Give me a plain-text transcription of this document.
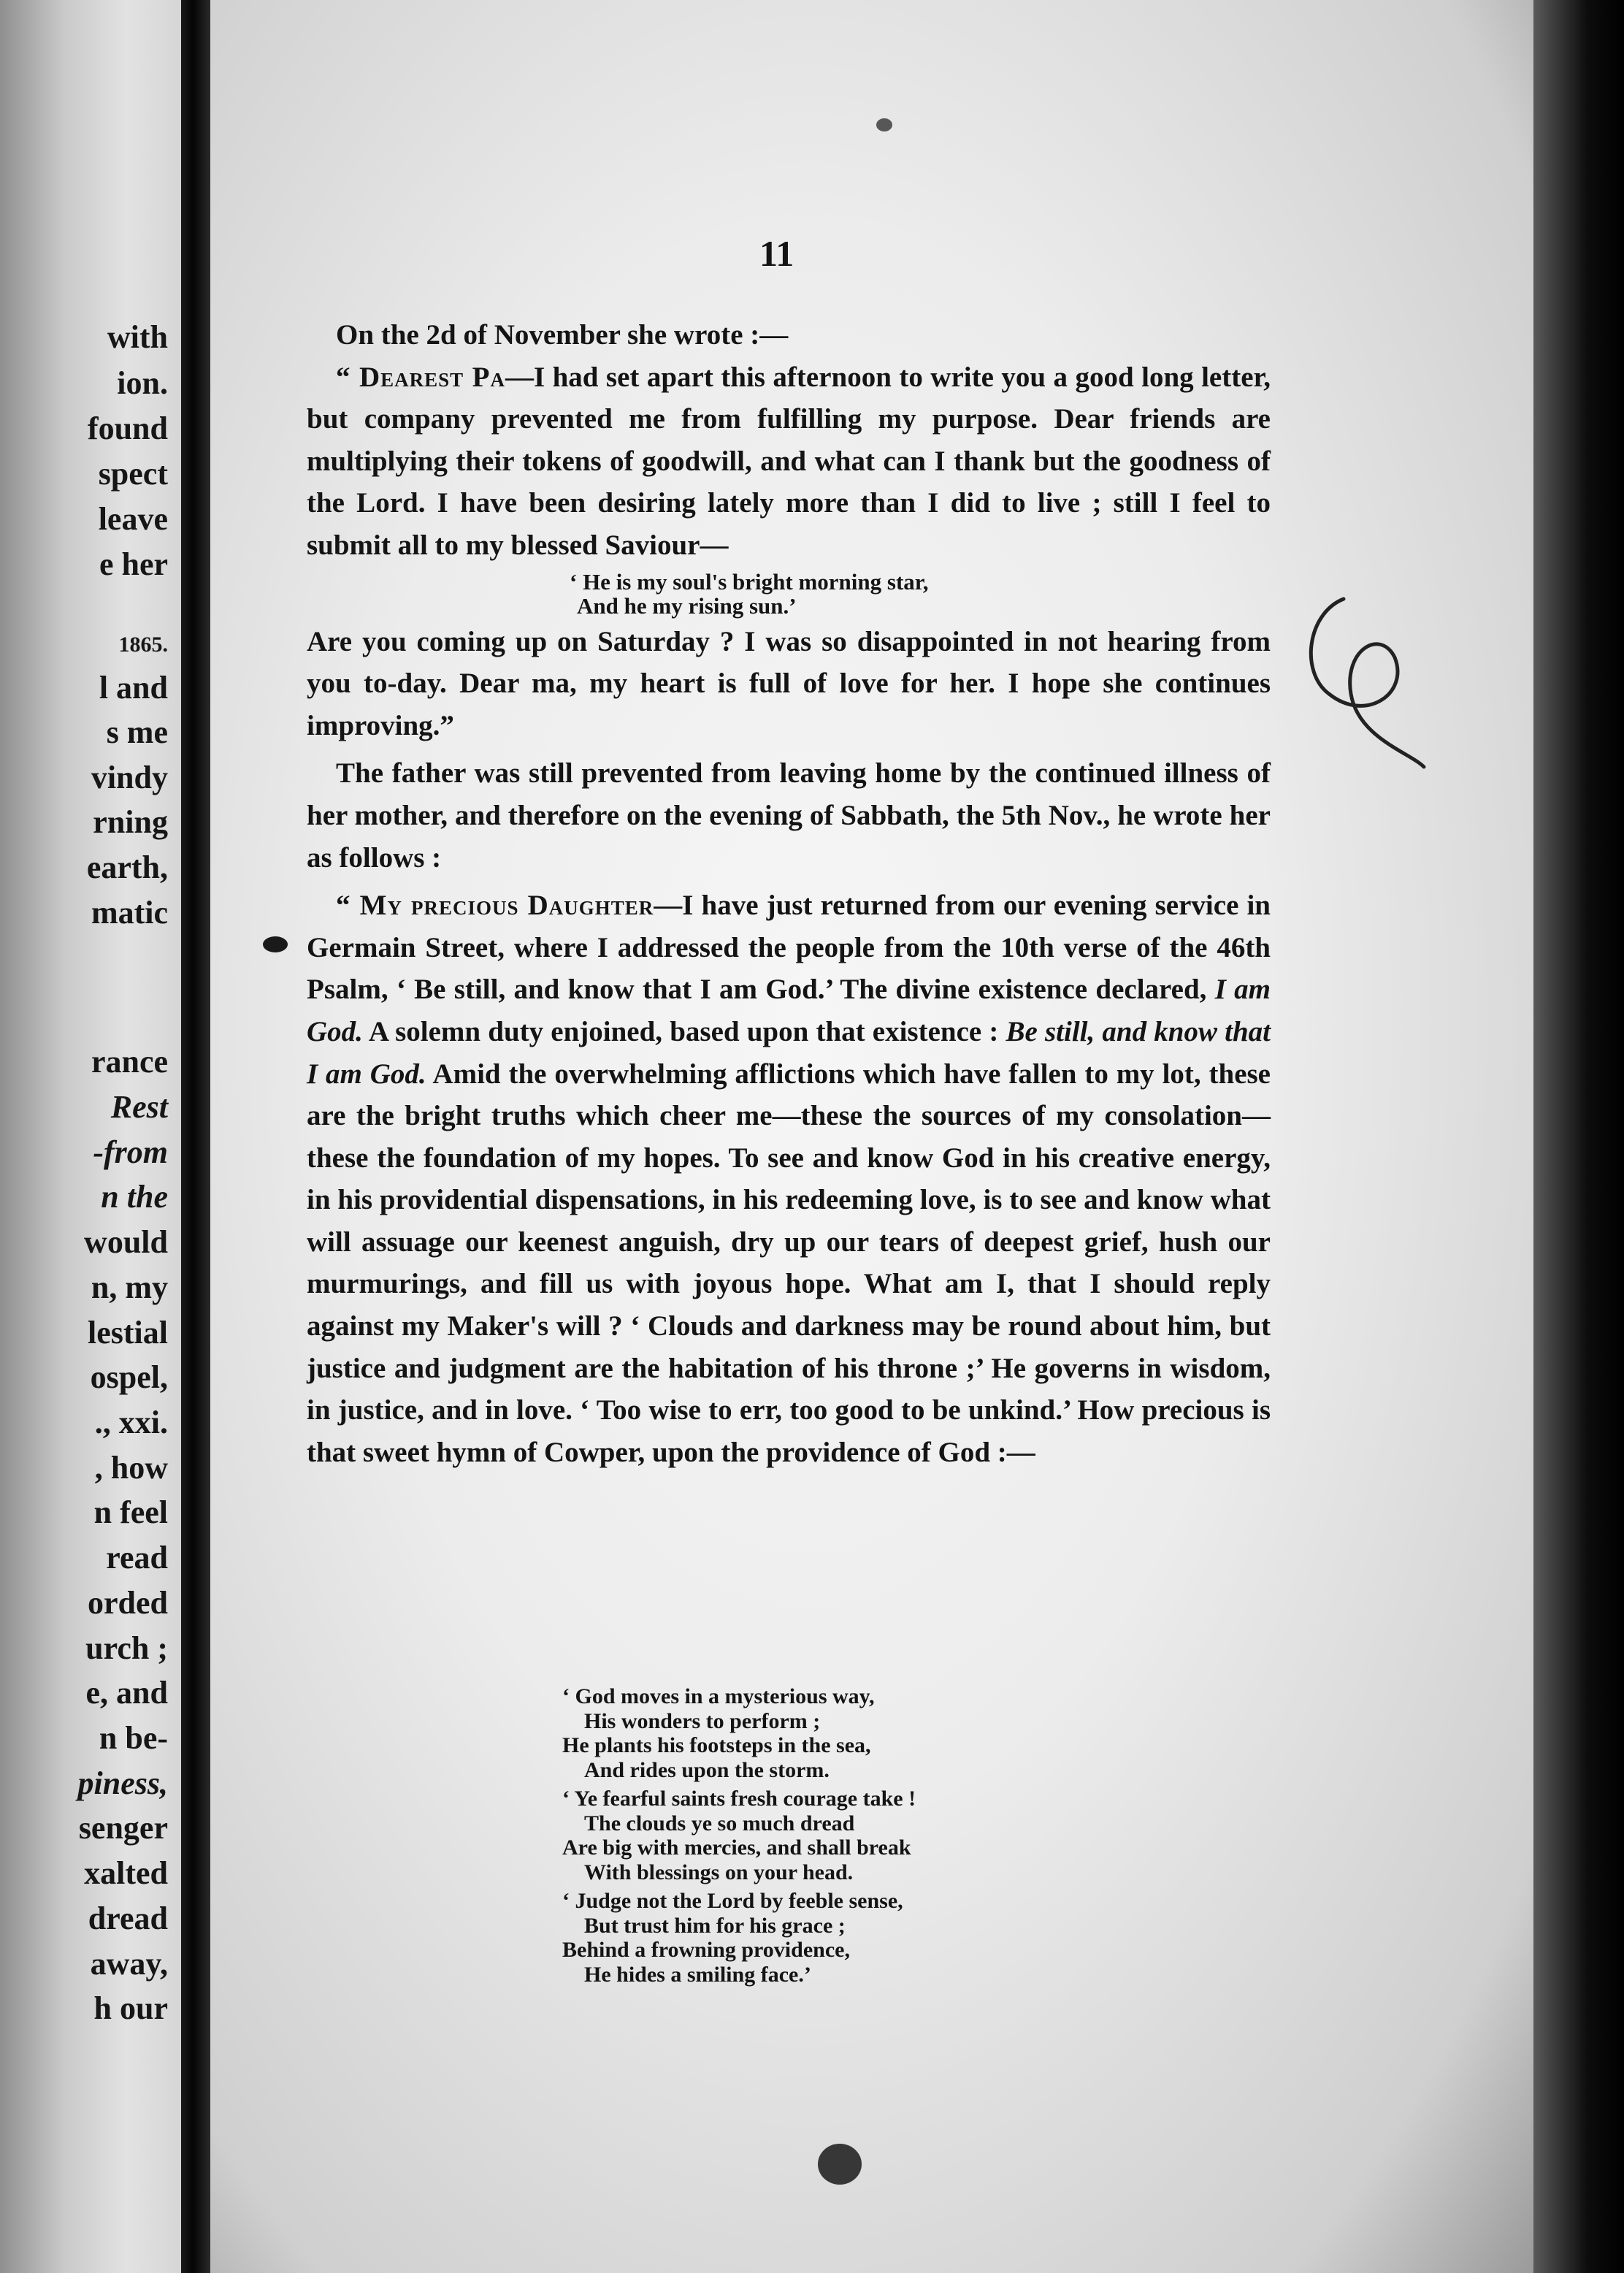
with
ion.
found
spect
leave
e her
1865.
l and
s me
vindy
rning
earth,
matic
rance
Rest
-from
n the
would
n, my
lestial
ospel,
., xxi.
, how
n feel
read
orded
urch ;
e, and
n be-
piness,
senger
xalted
dread
away,
h our
11

On the 2d of November she wrote :—

“ Dearest Pa—I had set apart this afternoon to write you a good long letter, but company prevented me from fulfilling my purpose. Dear friends are multiplying their tokens of goodwill, and what can I thank but the goodness of the Lord. I have been desiring lately more than I did to live ; still I feel to submit all to my blessed Saviour—

‘ He is my soul's bright morning star,
And he my rising sun.’

Are you coming up on Saturday ? I was so disappointed in not hearing from you to-day. Dear ma, my heart is full of love for her. I hope she continues improving.”

The father was still prevented from leaving home by the continued illness of her mother, and therefore on the evening of Sabbath, the 5th Nov., he wrote her as follows :

“ My precious Daughter—I have just returned from our evening service in Germain Street, where I addressed the people from the 10th verse of the 46th Psalm, ‘ Be still, and know that I am God.’ The divine existence declared, I am God. A solemn duty enjoined, based upon that existence : Be still, and know that I am God. Amid the overwhelming afflictions which have fallen to my lot, these are the bright truths which cheer me—these the sources of my consolation—these the foundation of my hopes. To see and know God in his creative energy, in his providential dispensations, in his redeeming love, is to see and know what will assuage our keenest anguish, dry up our tears of deepest grief, hush our murmurings, and fill us with joyous hope. What am I, that I should reply against my Maker's will ? ‘ Clouds and darkness may be round about him, but justice and judgment are the habitation of his throne ;’ He governs in wisdom, in justice, and in love. ‘ Too wise to err, too good to be unkind.’ How precious is that sweet hymn of Cowper, upon the providence of God :—

‘ God moves in a mysterious way,
His wonders to perform ;
He plants his footsteps in the sea,
And rides upon the storm.
‘ Ye fearful saints fresh courage take !
The clouds ye so much dread
Are big with mercies, and shall break
With blessings on your head.
‘ Judge not the Lord by feeble sense,
But trust him for his grace ;
Behind a frowning providence,
He hides a smiling face.’
